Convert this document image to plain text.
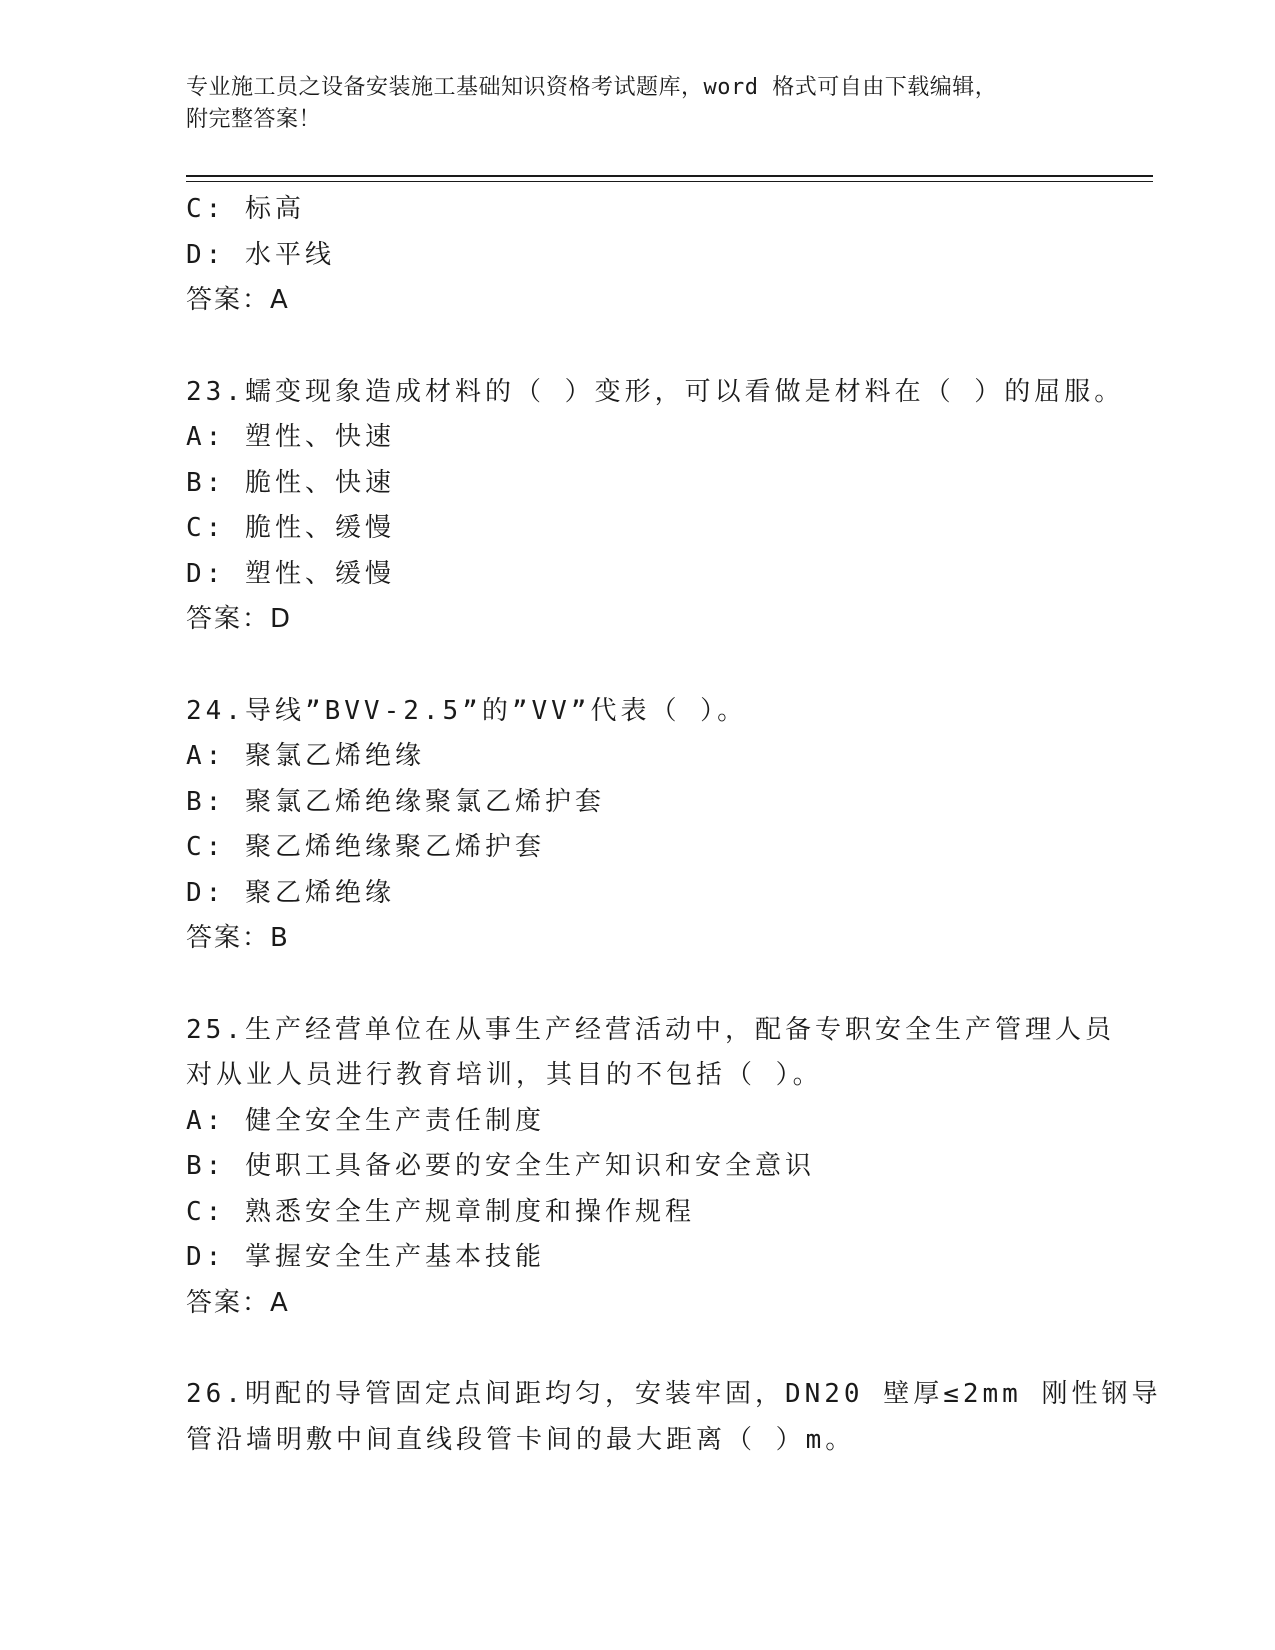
专业施工员之设备安装施工基础知识资格考试题库，word 格式可自由下载编辑，
附完整答案！
C: 标高
D: 水平线
答案：A
23.蠕变现象造成材料的（ ）变形，可以看做是材料在（ ）的屈服。
A: 塑性、快速
B: 脆性、快速
C: 脆性、缓慢
D: 塑性、缓慢
答案：D
24.导线”BVV-2.5”的”VV”代表（ ）。
A: 聚氯乙烯绝缘
B: 聚氯乙烯绝缘聚氯乙烯护套
C: 聚乙烯绝缘聚乙烯护套
D: 聚乙烯绝缘
答案：B
25.生产经营单位在从事生产经营活动中，配备专职安全生产管理人员
对从业人员进行教育培训，其目的不包括（ ）。
A: 健全安全生产责任制度
B: 使职工具备必要的安全生产知识和安全意识
C: 熟悉安全生产规章制度和操作规程
D: 掌握安全生产基本技能
答案：A
26.明配的导管固定点间距均匀，安装牢固，DN20 壁厚≤2mm 刚性钢导
管沿墙明敷中间直线段管卡间的最大距离（ ）m。
